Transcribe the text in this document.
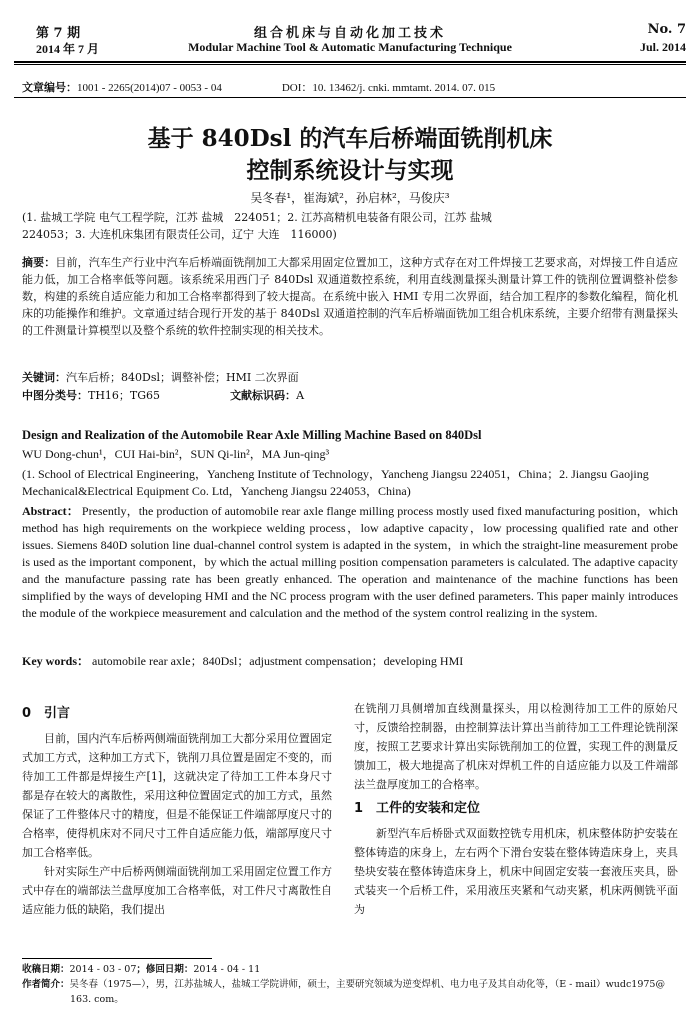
第 7 期	组合机床与自动化加工技术	No. 7
2014 年 7 月	Modular Machine Tool & Automatic Manufacturing Technique	Jul. 2014
文章编号：1001 - 2265(2014)07 - 0053 - 04	DOI：10. 13462/j. cnki. mmtamt. 2014. 07. 015
基于 840Dsl 的汽车后桥端面铣削机床
控制系统设计与实现
吴冬春¹，崔海斌²，孙启林²，马俊庆³
(1. 盐城工学院 电气工程学院，江苏 盐城　224051；2. 江苏高精机电装备有限公司，江苏 盐城
224053；3. 大连机床集团有限责任公司，辽宁 大连　116000)
摘要：目前，汽车生产行业中汽车后桥端面铣削加工大都采用固定位置加工，这种方式存在对工件焊接工艺要求高，对焊接工件自适应能力低，加工合格率低等问题。该系统采用西门子 840Dsl 双通道数控系统，利用直线测量探头测量计算工件的铣削位置调整补偿参数，构建的系统自适应能力和加工合格率都得到了较大提高。在系统中嵌入 HMI 专用二次界面，结合加工程序的参数化编程，简化机床的功能操作和维护。文章通过结合现行开发的基于 840Dsl 双通道控制的汽车后桥端面铣加工组合机床系统，主要介绍带有测量探头的工件测量计算模型以及整个系统的软件控制实现的相关技术。
关键词：汽车后桥；840Dsl；调整补偿；HMI 二次界面
中图分类号：TH16；TG65	文献标识码：A
Design and Realization of the Automobile Rear Axle Milling Machine Based on 840Dsl
WU Dong-chun¹，CUI Hai-bin²，SUN Qi-lin²，MA Jun-qing³
(1. School of Electrical Engineering，Yancheng Institute of Technology，Yancheng Jiangsu 224051，China；2. Jiangsu Gaojing Mechanical&Electrical Equipment Co. Ltd，Yancheng Jiangsu 224053，China)
Abstract： Presently，the production of automobile rear axle flange milling process mostly used fixed manufacturing position，which method has high requirements on the workpiece welding process，low adaptive capacity，low processing qualified rate and other issues. Siemens 840D solution line dual-channel control system is adapted in the system，in which the straight-line measurement probe is used as the important component，by which the actual milling position compensation parameters is calculated. The adaptive capacity and the manufacture passing rate has been greatly enhanced. The operation and maintenance of the machine functions has been simplified by the ways of developing HMI and the NC process program with the user defined parameters. This paper mainly introduces the module of the workpiece measurement and calculation and the method of the system control realizing in the system.
Key words： automobile rear axle；840Dsl；adjustment compensation；developing HMI
0　引言

目前，国内汽车后桥两侧端面铣削加工大都分采用位置固定式加工方式，这种加工方式下，铣削刀具位置是固定不变的，而待加工工件都是焊接生产[1]，这就决定了待加工工件本身尺寸都是存在较大的离散性，采用这种位置固定式的加工方式，虽然保证了工件整体尺寸的精度，但是不能保证工件端部厚度尺寸的合格率，使得机床对不同尺寸工件自适应能力低，端部厚度尺寸加工合格率低。

针对实际生产中后桥两侧端面铣削加工采用固定位置工作方式中存在的端部法兰盘厚度加工合格率低，对工件尺寸离散性自适应能力低的缺陷，我们提出

在铣削刀具侧增加直线测量探头，用以检测待加工工件的原始尺寸，反馈给控制器，由控制算法计算出当前待加工工件理论铣削深度，按照工艺要求计算出实际铣削加工的位置，实现工件的测量反馈加工，极大地提高了机床对焊机工件的自适应能力以及工件端部法兰盘厚度加工的合格率。
1　工件的安装和定位

新型汽车后桥卧式双面数控铣专用机床，机床整体防护安装在整体铸造的床身上，左右两个下滑台安装在整体铸造床身上，夹具垫块安装在整体铸造床身上，机床中间固定安装一套液压夹具，卧式装夹一个后桥工件，采用液压夹紧和气动夹紧，机床两侧铣平面为

收稿日期：2014 - 03 - 07；修回日期：2014 - 04 - 11
作者简介：吴冬春（1975—），男，江苏盐城人，盐城工学院讲师，硕士，主要研究领域为逆变焊机、电力电子及其自动化等，（E - mail）wudc1975@
163. com。
